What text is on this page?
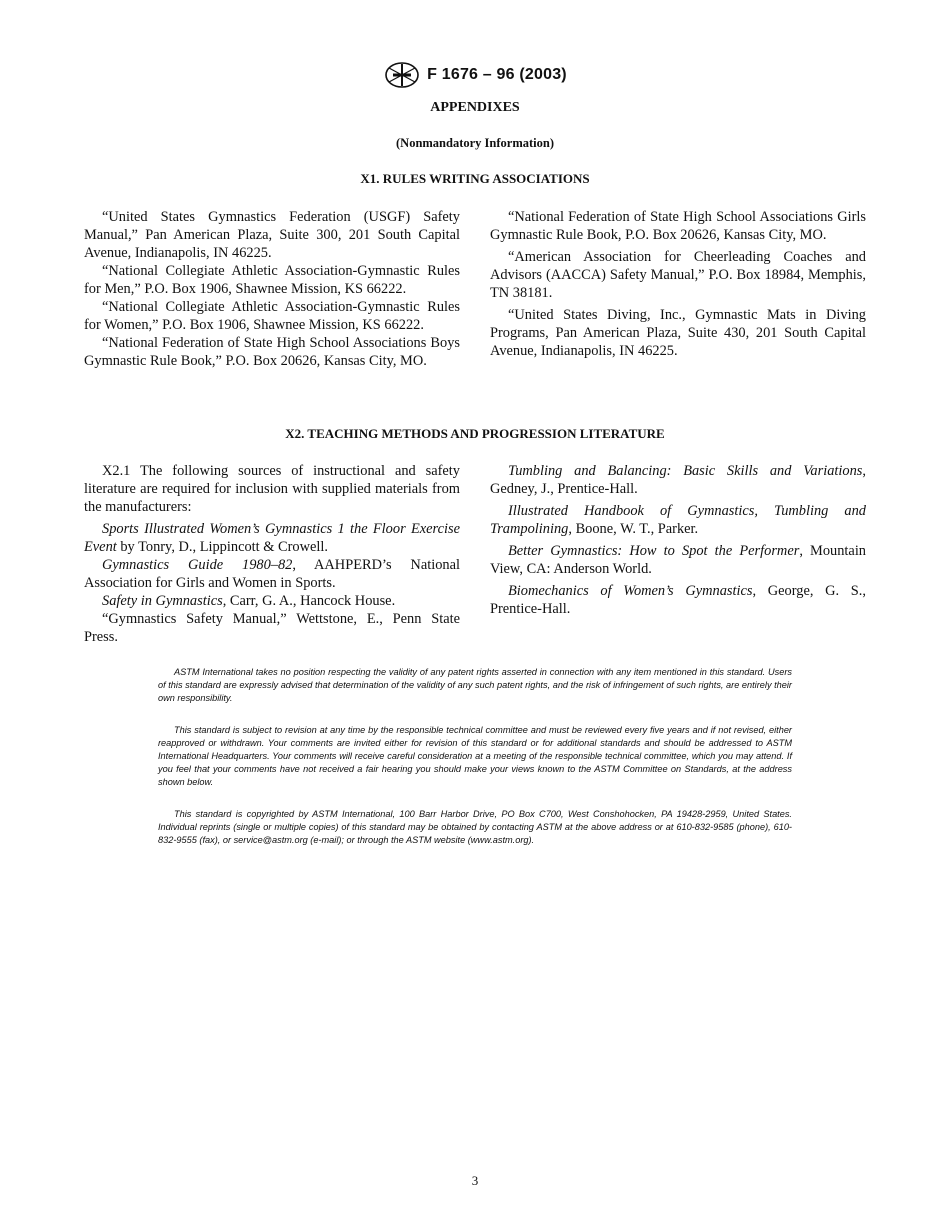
F 1676 – 96 (2003)
APPENDIXES
(Nonmandatory Information)
X1. RULES WRITING ASSOCIATIONS

“United States Gymnastics Federation (USGF) Safety Manual,” Pan American Plaza, Suite 300, 201 South Capital Avenue, Indianapolis, IN 46225.

“National Collegiate Athletic Association-Gymnastic Rules for Men,” P.O. Box 1906, Shawnee Mission, KS 66222.

“National Collegiate Athletic Association-Gymnastic Rules for Women,” P.O. Box 1906, Shawnee Mission, KS 66222.

“National Federation of State High School Associations Boys Gymnastic Rule Book,” P.O. Box 20626, Kansas City, MO.

“National Federation of State High School Associations Girls Gymnastic Rule Book, P.O. Box 20626, Kansas City, MO.

“American Association for Cheerleading Coaches and Advisors (AACCA) Safety Manual,” P.O. Box 18984, Memphis, TN 38181.

“United States Diving, Inc., Gymnastic Mats in Diving Programs, Pan American Plaza, Suite 430, 201 South Capital Avenue, Indianapolis, IN 46225.

X2. TEACHING METHODS AND PROGRESSION LITERATURE

X2.1 The following sources of instructional and safety literature are required for inclusion with supplied materials from the manufacturers:

Sports Illustrated Women’s Gymnastics 1 the Floor Exercise Event by Tonry, D., Lippincott & Crowell.

Gymnastics Guide 1980–82, AAHPERD’s National Association for Girls and Women in Sports.

Safety in Gymnastics, Carr, G. A., Hancock House.

“Gymnastics Safety Manual,” Wettstone, E., Penn State Press.

Tumbling and Balancing: Basic Skills and Variations, Gedney, J., Prentice-Hall.

Illustrated Handbook of Gymnastics, Tumbling and Trampolining, Boone, W. T., Parker.

Better Gymnastics: How to Spot the Performer, Mountain View, CA: Anderson World.

Biomechanics of Women’s Gymnastics, George, G. S., Prentice-Hall.

ASTM International takes no position respecting the validity of any patent rights asserted in connection with any item mentioned in this standard. Users of this standard are expressly advised that determination of the validity of any such patent rights, and the risk of infringement of such rights, are entirely their own responsibility.

This standard is subject to revision at any time by the responsible technical committee and must be reviewed every five years and if not revised, either reapproved or withdrawn. Your comments are invited either for revision of this standard or for additional standards and should be addressed to ASTM International Headquarters. Your comments will receive careful consideration at a meeting of the responsible technical committee, which you may attend. If you feel that your comments have not received a fair hearing you should make your views known to the ASTM Committee on Standards, at the address shown below.

This standard is copyrighted by ASTM International, 100 Barr Harbor Drive, PO Box C700, West Conshohocken, PA 19428-2959, United States. Individual reprints (single or multiple copies) of this standard may be obtained by contacting ASTM at the above address or at 610-832-9585 (phone), 610-832-9555 (fax), or service@astm.org (e-mail); or through the ASTM website (www.astm.org).

3
